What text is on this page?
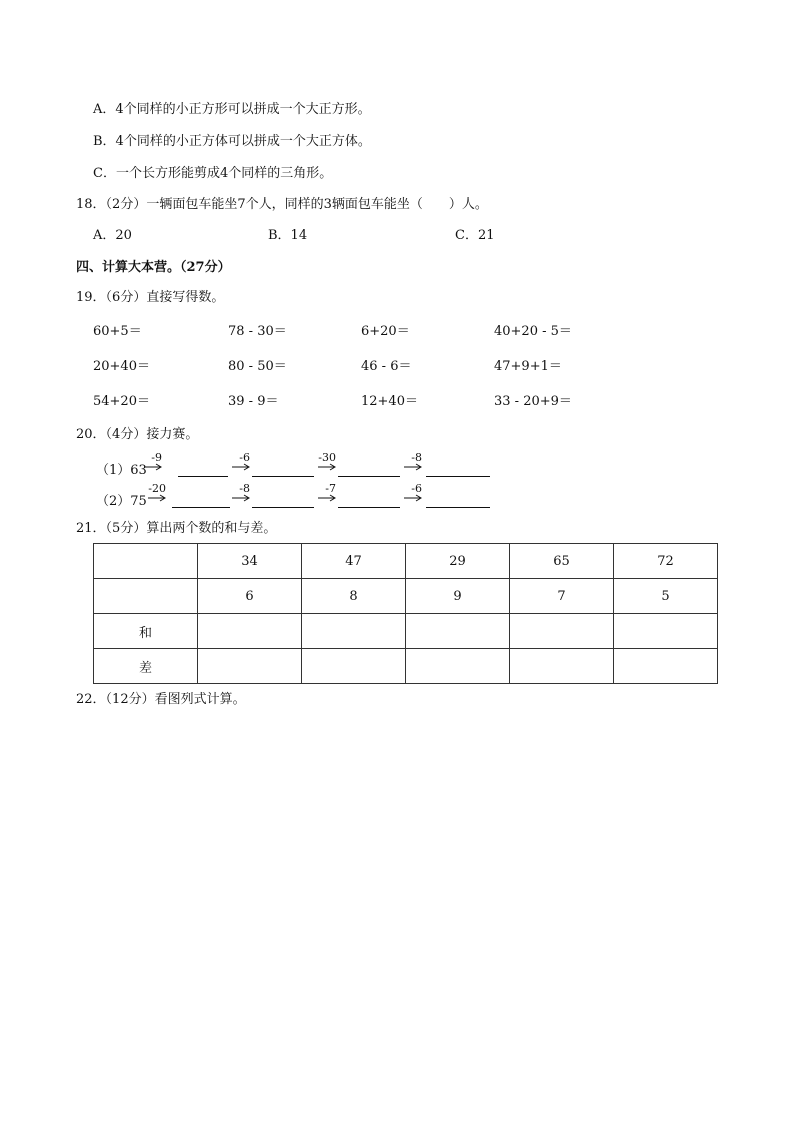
A．4个同样的小正方形可以拼成一个大正方形。
B．4个同样的小正方体可以拼成一个大正方体。
C．一个长方形能剪成4个同样的三角形。
18．（2分）一辆面包车能坐7个人，同样的3辆面包车能坐（　　）人。
A．20	B．14	C．21
四、计算大本营。（27分）
19．（6分）直接写得数。
60+5＝	78 - 30＝	6+20＝	40+20 - 5＝
20+40＝	80 - 50＝	46 - 6＝	47+9+1＝
54+20＝	39 - 9＝	12+40＝	33 - 20+9＝
20．（4分）接力赛。
（1）63
-9	-6	-30	-8
（2）75
-20	-8	-7	-6
21．（5分）算出两个数的和与差。
	34	47	29	65	72
	6	8	9	7	5
和					
差					
22．（12分）看图列式计算。
